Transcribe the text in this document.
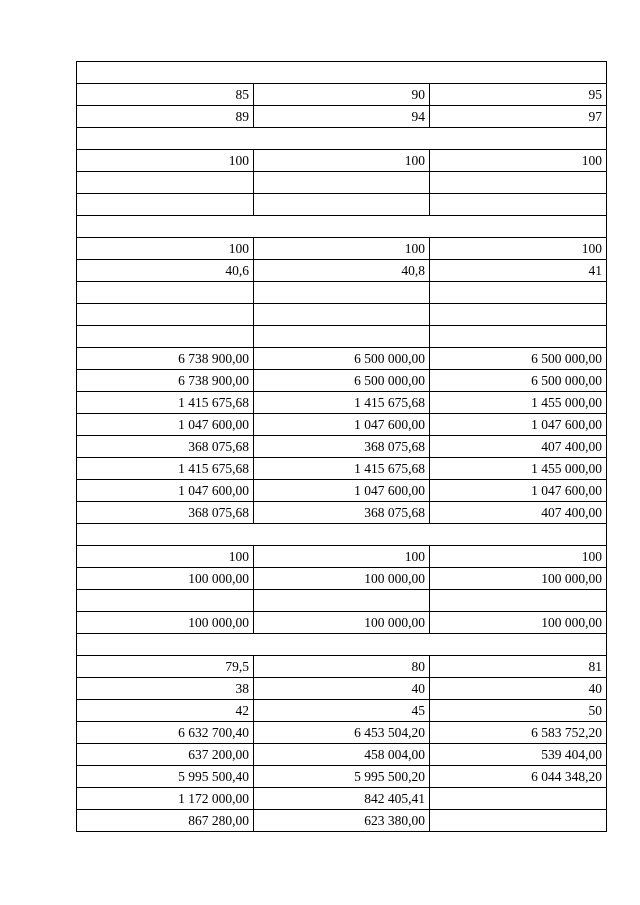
85	90	95
89	94	97

100	100	100

100	100	100
40,6	40,8	41

6 738 900,00	6 500 000,00	6 500 000,00
6 738 900,00	6 500 000,00	6 500 000,00
1 415 675,68	1 415 675,68	1 455 000,00
1 047 600,00	1 047 600,00	1 047 600,00
368 075,68	368 075,68	407 400,00
1 415 675,68	1 415 675,68	1 455 000,00
1 047 600,00	1 047 600,00	1 047 600,00
368 075,68	368 075,68	407 400,00

100	100	100
100 000,00	100 000,00	100 000,00

100 000,00	100 000,00	100 000,00

79,5	80	81
38	40	40
42	45	50
6 632 700,40	6 453 504,20	6 583 752,20
637 200,00	458 004,00	539 404,00
5 995 500,40	5 995 500,20	6 044 348,20
1 172 000,00	842 405,41	
867 280,00	623 380,00	
